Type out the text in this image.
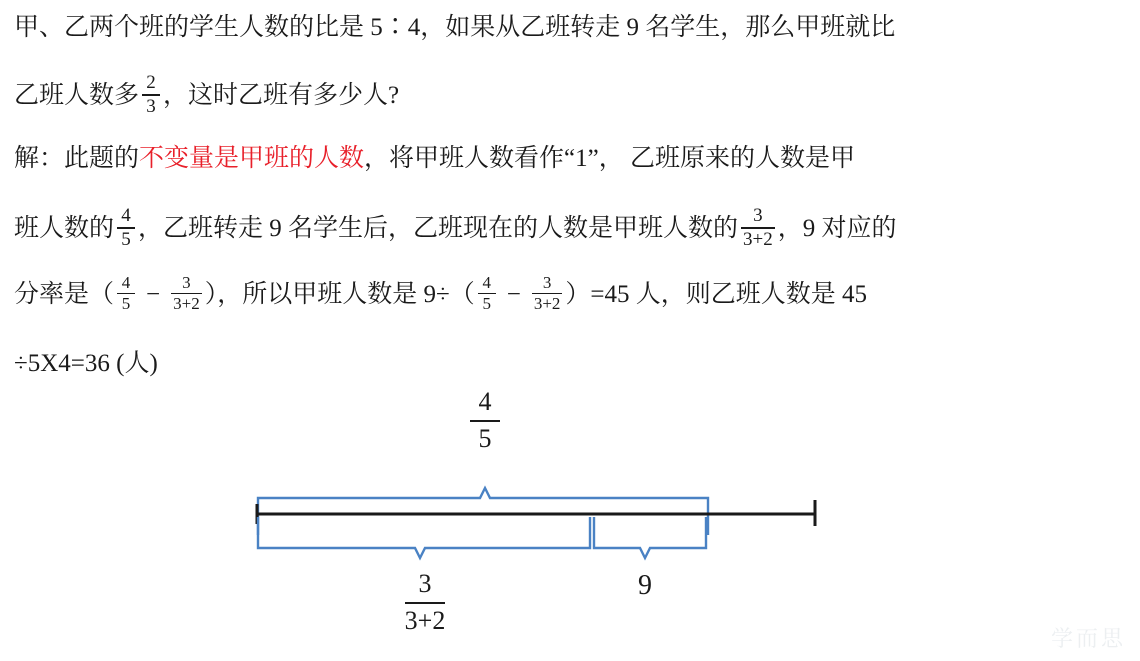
甲、乙两个班的学生人数的比是 5∶4，如果从乙班转走 9 名学生，那么甲班就比
乙班人数多 $\frac{2}{3}$ ，这时乙班有多少人?
解：此题的 不变量是甲班的人数 ，将甲班人数看作“1”， 乙班原来的人数是甲
班人数的 $\frac{4}{5}$ ，乙班转走 9 名学生后，乙班现在的人数是甲班人数的 $\frac{3}{3+2}$ ，9 对应的
分率是（ $\frac{4}{5} - \frac{3}{3+2}$ ），所以甲班人数是 $9\div( \frac{4}{5} - \frac{3}{3+2} )=45$ 人，则乙班人数是 45
÷5X4=36 (人)
$\frac{4}{5}$
$\frac{3}{3+2}$	9
学而思
